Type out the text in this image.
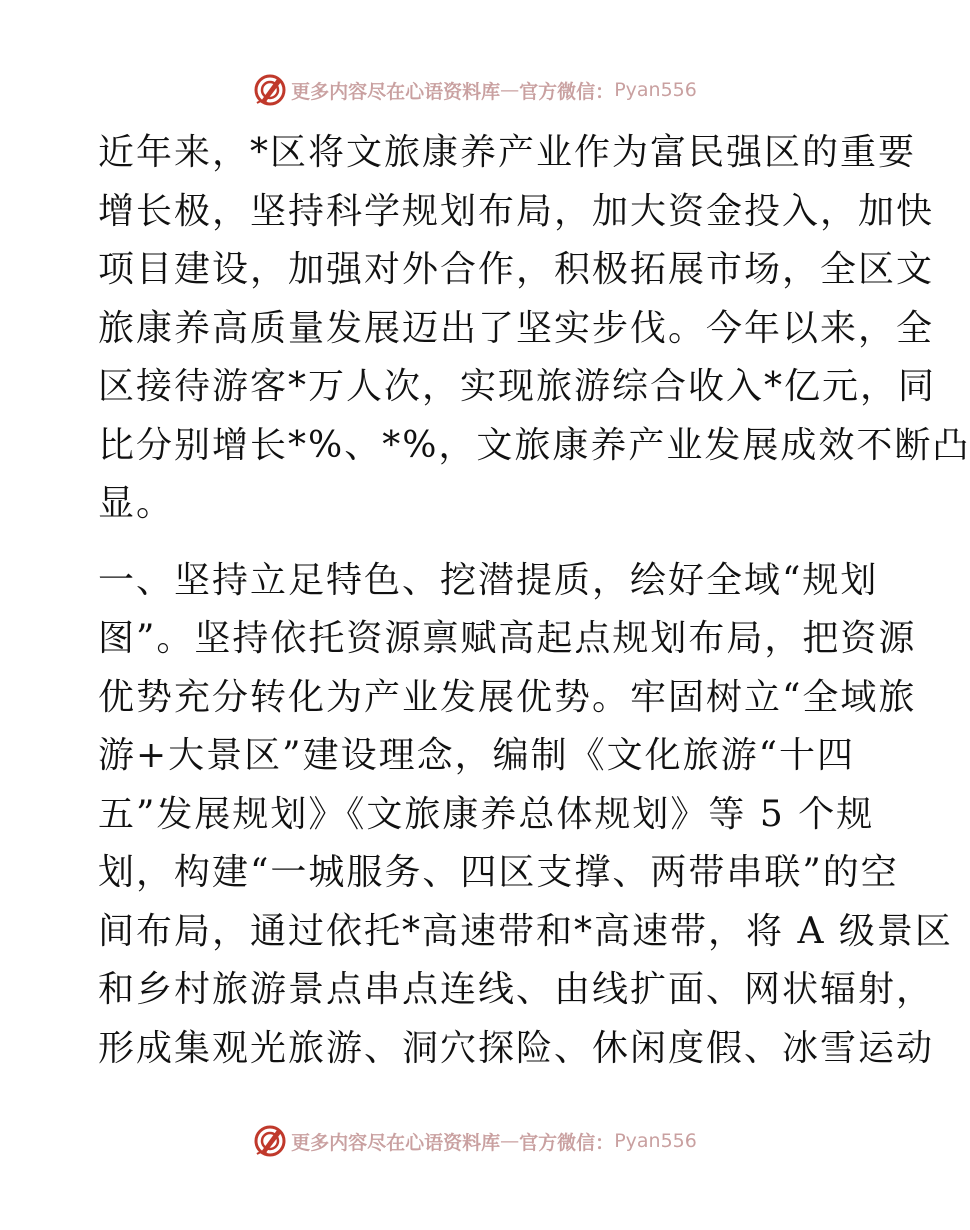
更多内容尽在心语资料库 — 官方微信： Pyan556
近年来，*区将文旅康养产业作为富民强区的重要
增长极，坚持科学规划布局，加大资金投入，加快
项目建设，加强对外合作，积极拓展市场，全区文
旅康养高质量发展迈出了坚实步伐。今年以来，全
区接待游客*万人次，实现旅游综合收入*亿元，同
比分别增长*%、*%，文旅康养产业发展成效不断凸
显。
一、坚持立足特色、挖潜提质，绘好全域“规划
图”。坚持依托资源禀赋高起点规划布局，把资源
优势充分转化为产业发展优势。牢固树立“全域旅
游+大景区”建设理念，编制《文化旅游“十四
五”发展规划》《文旅康养总体规划》等 5 个规
划，构建“一城服务、四区支撑、两带串联”的空
间布局，通过依托*高速带和*高速带，将 A 级景区
和乡村旅游景点串点连线、由线扩面、网状辐射，
形成集观光旅游、洞穴探险、休闲度假、冰雪运动
更多内容尽在心语资料库 — 官方微信： Pyan556
